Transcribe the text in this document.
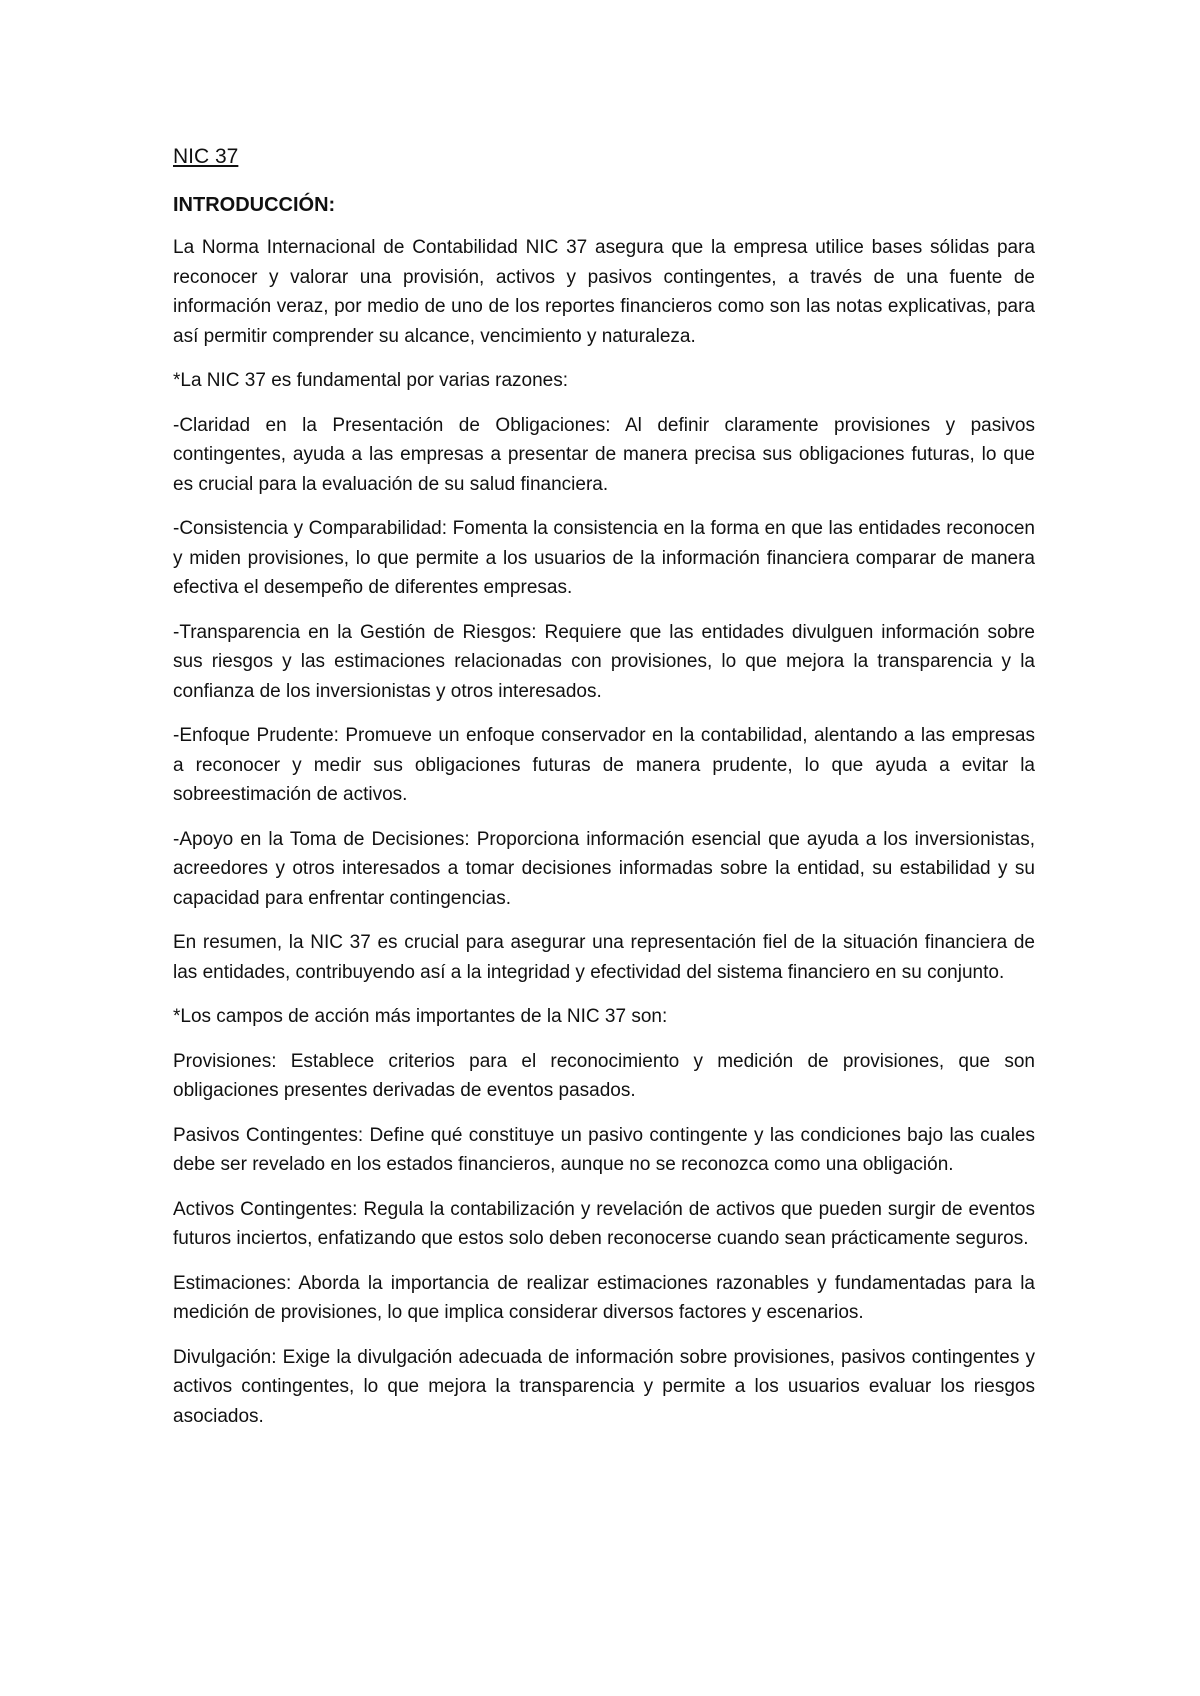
NIC 37
INTRODUCCIÓN:

La Norma Internacional de Contabilidad NIC 37 asegura que la empresa utilice bases sólidas para reconocer y valorar una provisión, activos y pasivos contingentes, a través de una fuente de información veraz, por medio de uno de los reportes financieros como son las notas explicativas, para así permitir comprender su alcance, vencimiento y naturaleza.

*La NIC 37 es fundamental por varias razones:

-Claridad en la Presentación de Obligaciones: Al definir claramente provisiones y pasivos contingentes, ayuda a las empresas a presentar de manera precisa sus obligaciones futuras, lo que es crucial para la evaluación de su salud financiera.

-Consistencia y Comparabilidad: Fomenta la consistencia en la forma en que las entidades reconocen y miden provisiones, lo que permite a los usuarios de la información financiera comparar de manera efectiva el desempeño de diferentes empresas.

-Transparencia en la Gestión de Riesgos: Requiere que las entidades divulguen información sobre sus riesgos y las estimaciones relacionadas con provisiones, lo que mejora la transparencia y la confianza de los inversionistas y otros interesados.

-Enfoque Prudente: Promueve un enfoque conservador en la contabilidad, alentando a las empresas a reconocer y medir sus obligaciones futuras de manera prudente, lo que ayuda a evitar la sobreestimación de activos.

-Apoyo en la Toma de Decisiones: Proporciona información esencial que ayuda a los inversionistas, acreedores y otros interesados a tomar decisiones informadas sobre la entidad, su estabilidad y su capacidad para enfrentar contingencias.

En resumen, la NIC 37 es crucial para asegurar una representación fiel de la situación financiera de las entidades, contribuyendo así a la integridad y efectividad del sistema financiero en su conjunto.

*Los campos de acción más importantes de la NIC 37 son:

Provisiones: Establece criterios para el reconocimiento y medición de provisiones, que son obligaciones presentes derivadas de eventos pasados.

Pasivos Contingentes: Define qué constituye un pasivo contingente y las condiciones bajo las cuales debe ser revelado en los estados financieros, aunque no se reconozca como una obligación.

Activos Contingentes: Regula la contabilización y revelación de activos que pueden surgir de eventos futuros inciertos, enfatizando que estos solo deben reconocerse cuando sean prácticamente seguros.

Estimaciones: Aborda la importancia de realizar estimaciones razonables y fundamentadas para la medición de provisiones, lo que implica considerar diversos factores y escenarios.

Divulgación: Exige la divulgación adecuada de información sobre provisiones, pasivos contingentes y activos contingentes, lo que mejora la transparencia y permite a los usuarios evaluar los riesgos asociados.
